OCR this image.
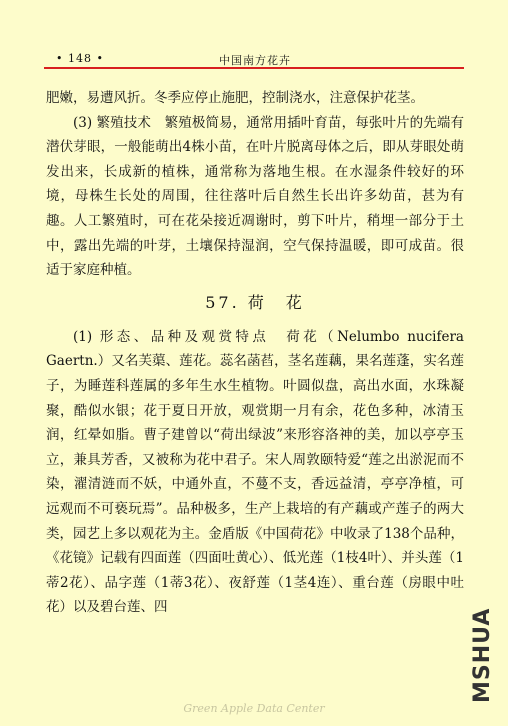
• 148 •	中国南方花卉

肥嫩，易遭风折。冬季应停止施肥，控制浇水，注意保护花茎。

(3) 繁殖技术　繁殖极简易，通常用插叶育苗，每张叶片的先端有潜伏芽眼，一般能萌出4株小苗，在叶片脱离母体之后，即从芽眼处萌发出来，长成新的植株，通常称为落地生根。在水湿条件较好的环境，母株生长处的周围，往往落叶后自然生长出许多幼苗，甚为有趣。人工繁殖时，可在花朵接近凋谢时，剪下叶片，稍埋一部分于土中，露出先端的叶芽，土壤保持湿润，空气保持温暖，即可成苗。很适于家庭种植。

57. 荷　花

(1) 形态、品种及观赏特点　荷花（Nelumbo nucifera Gaertn.）又名芙蕖、莲花。蕊名菡萏，茎名莲藕，果名莲蓬，实名莲子，为睡莲科莲属的多年生水生植物。叶圆似盘，高出水面，水珠凝聚，酷似水银；花于夏日开放，观赏期一月有余，花色多种，冰清玉润，红晕如脂。曹子建曾以“荷出绿波”来形容洛神的美，加以亭亭玉立，兼具芳香，又被称为花中君子。宋人周敦颐特爱“莲之出淤泥而不染，濯清涟而不妖，中通外直，不蔓不支，香远益清，亭亭净植，可远观而不可亵玩焉”。品种极多，生产上栽培的有产藕或产莲子的两大类，园艺上多以观花为主。金盾版《中国荷花》中收录了138个品种，《花镜》记载有四面莲（四面吐黄心）、低光莲（1枝4叶）、并头莲（1蒂2花）、品字莲（1蒂3花）、夜舒莲（1茎4连）、重台莲（房眼中吐花）以及碧台莲、四

Green Apple Data Center
MSHUA
